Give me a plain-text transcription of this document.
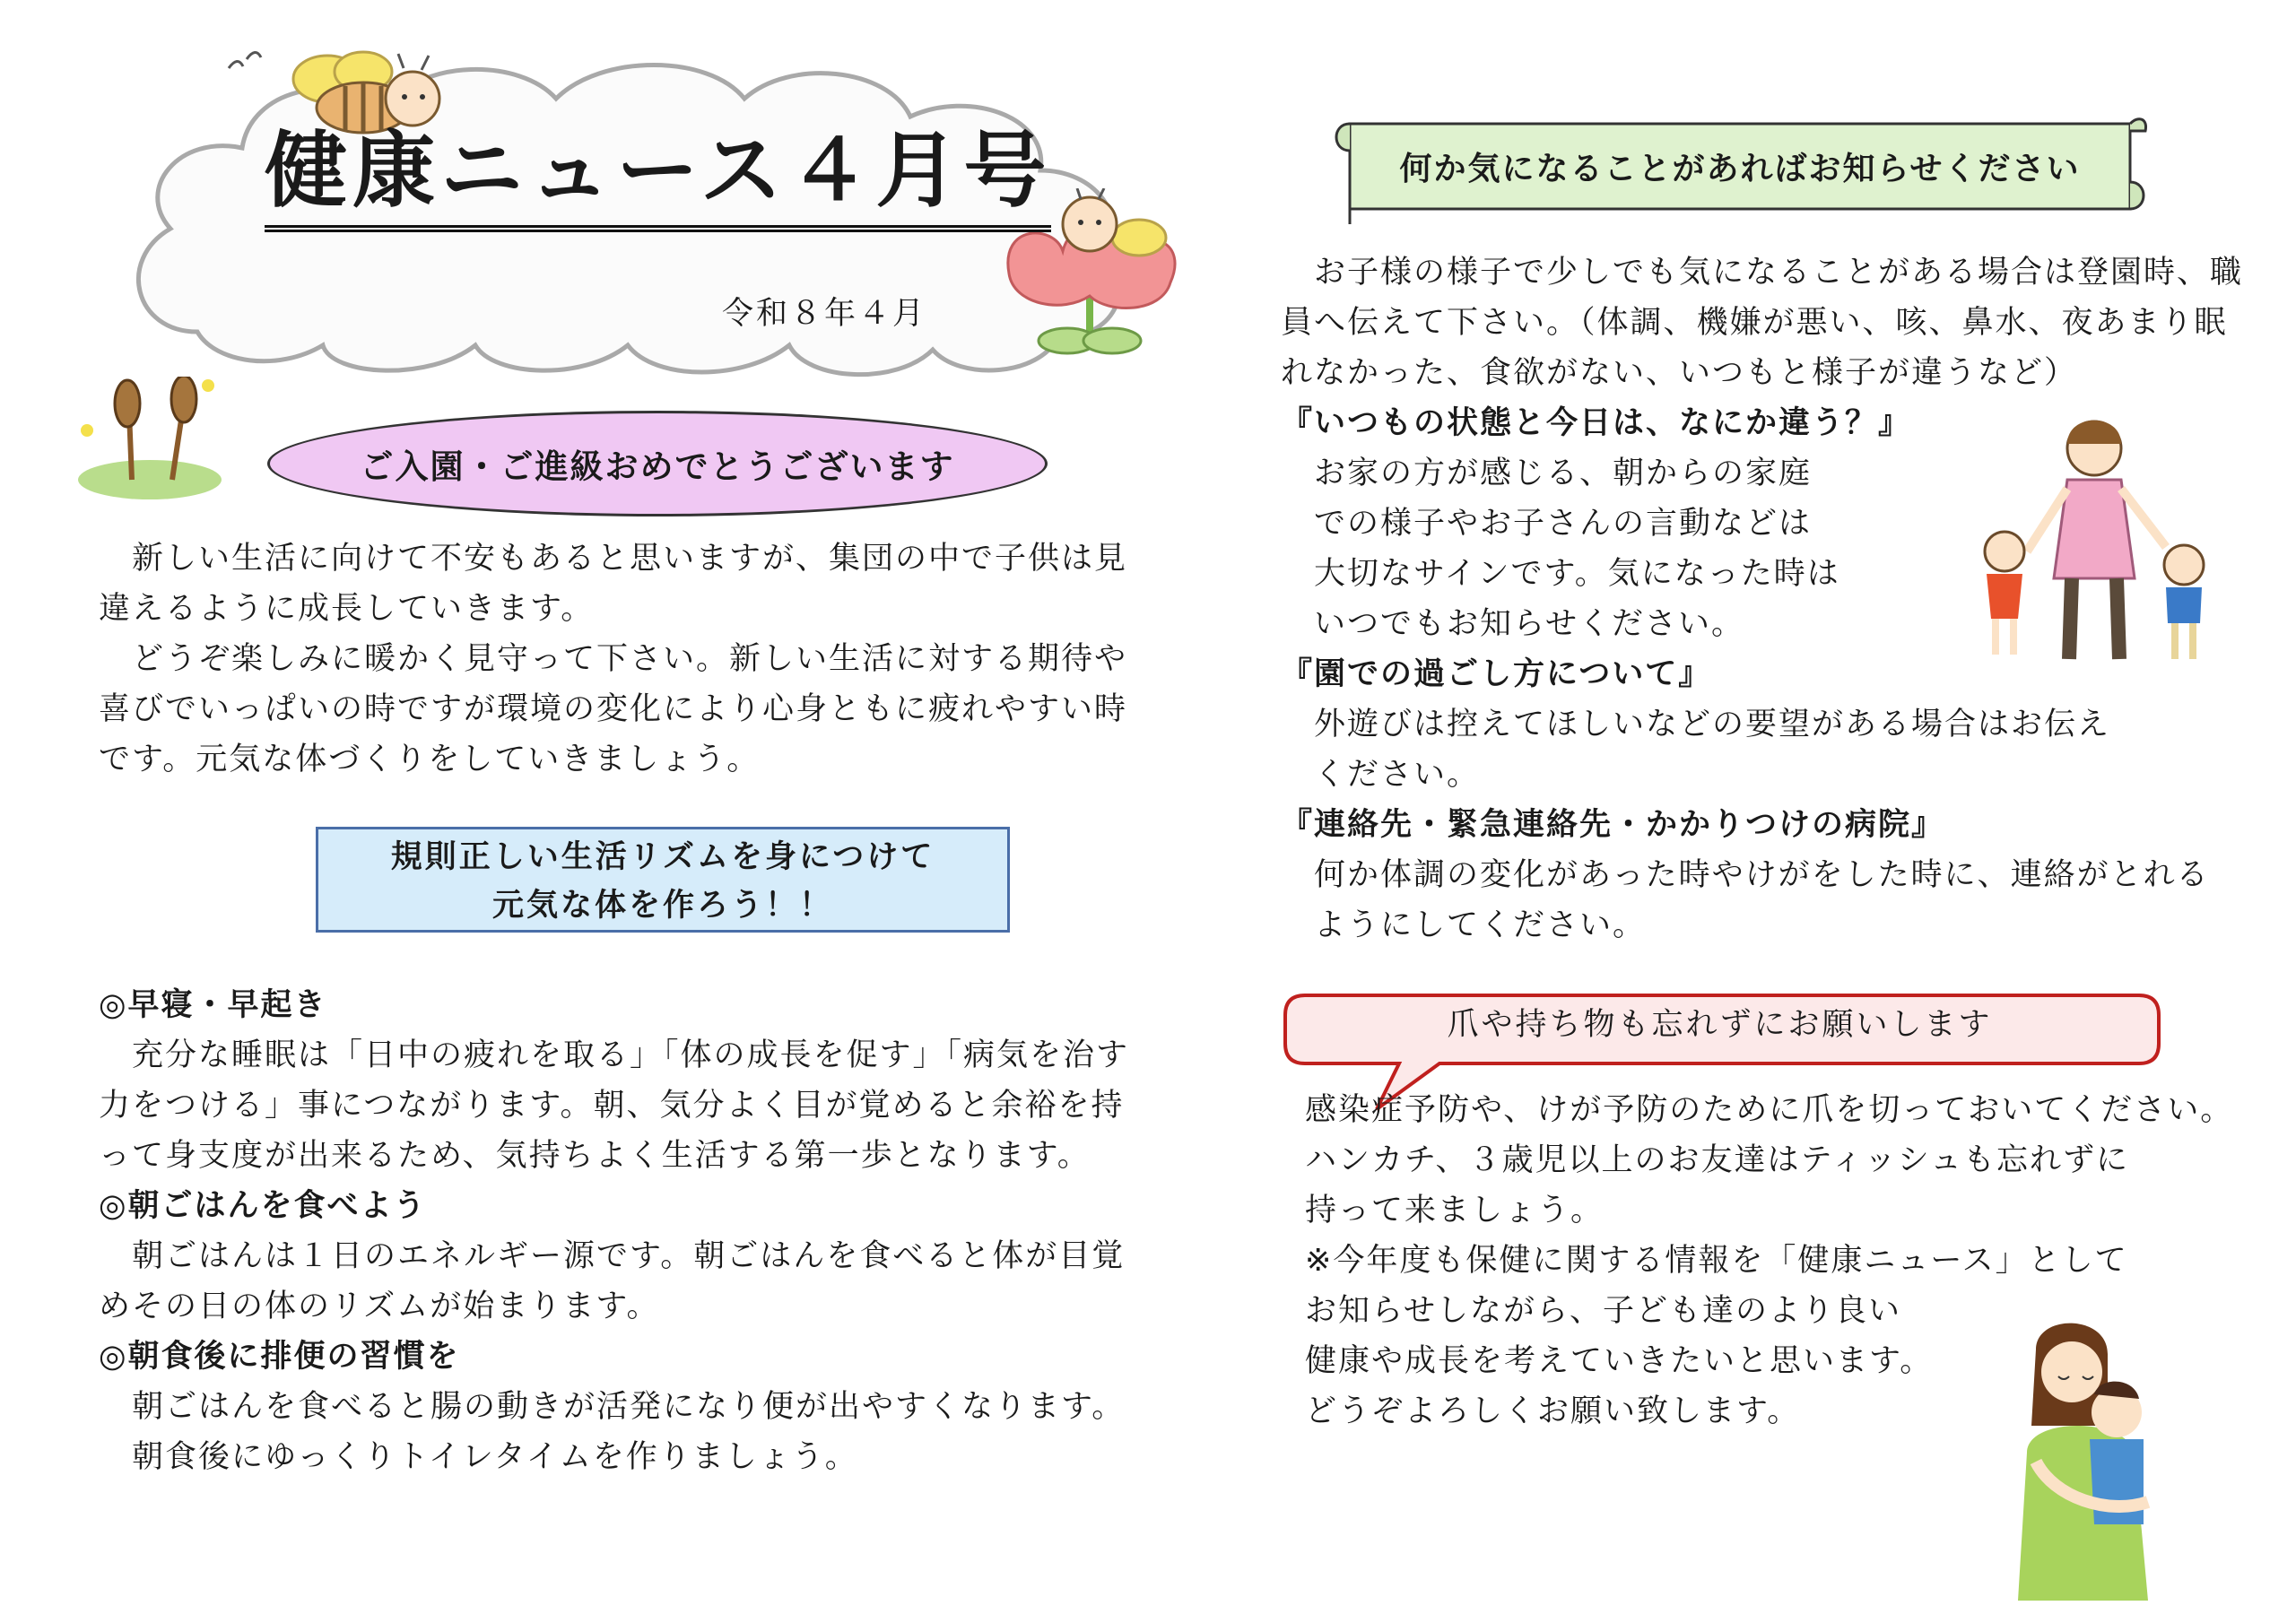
健康ニュース４月号
令和８年４月
ご入園・ご進級おめでとうございます
　新しい生活に向けて不安もあると思いますが、集団の中で子供は見
違えるように成長していきます。
　どうぞ楽しみに暖かく見守って下さい。新しい生活に対する期待や
喜びでいっぱいの時ですが環境の変化により心身ともに疲れやすい時
です。元気な体づくりをしていきましょう。
規則正しい生活リズムを身につけて
元気な体を作ろう！！
◎早寝・早起き
　充分な睡眠は「日中の疲れを取る」「体の成長を促す」「病気を治す
力をつける」事につながります。朝、気分よく目が覚めると余裕を持
って身支度が出来るため、気持ちよく生活する第一歩となります。
◎朝ごはんを食べよう
　朝ごはんは１日のエネルギー源です。朝ごはんを食べると体が目覚
めその日の体のリズムが始まります。
◎朝食後に排便の習慣を
　朝ごはんを食べると腸の動きが活発になり便が出やすくなります。
　朝食後にゆっくりトイレタイムを作りましょう。
何か気になることがあればお知らせください
　お子様の様子で少しでも気になることがある場合は登園時、職
員へ伝えて下さい。（体調、機嫌が悪い、咳、鼻水、夜あまり眠
れなかった、食欲がない、いつもと様子が違うなど）
『いつもの状態と今日は、なにか違う？』
　お家の方が感じる、朝からの家庭
　での様子やお子さんの言動などは
　大切なサインです。気になった時は
　いつでもお知らせください。
『園での過ごし方について』
　外遊びは控えてほしいなどの要望がある場合はお伝え
　ください。
『連絡先・緊急連絡先・かかりつけの病院』
　何か体調の変化があった時やけがをした時に、連絡がとれる
　ようにしてください。
爪や持ち物も忘れずにお願いします
感染症予防や、けが予防のために爪を切っておいてください。
ハンカチ、３歳児以上のお友達はティッシュも忘れずに
持って来ましょう。
※今年度も保健に関する情報を「健康ニュース」として
お知らせしながら、子ども達のより良い
健康や成長を考えていきたいと思います。
どうぞよろしくお願い致します。
